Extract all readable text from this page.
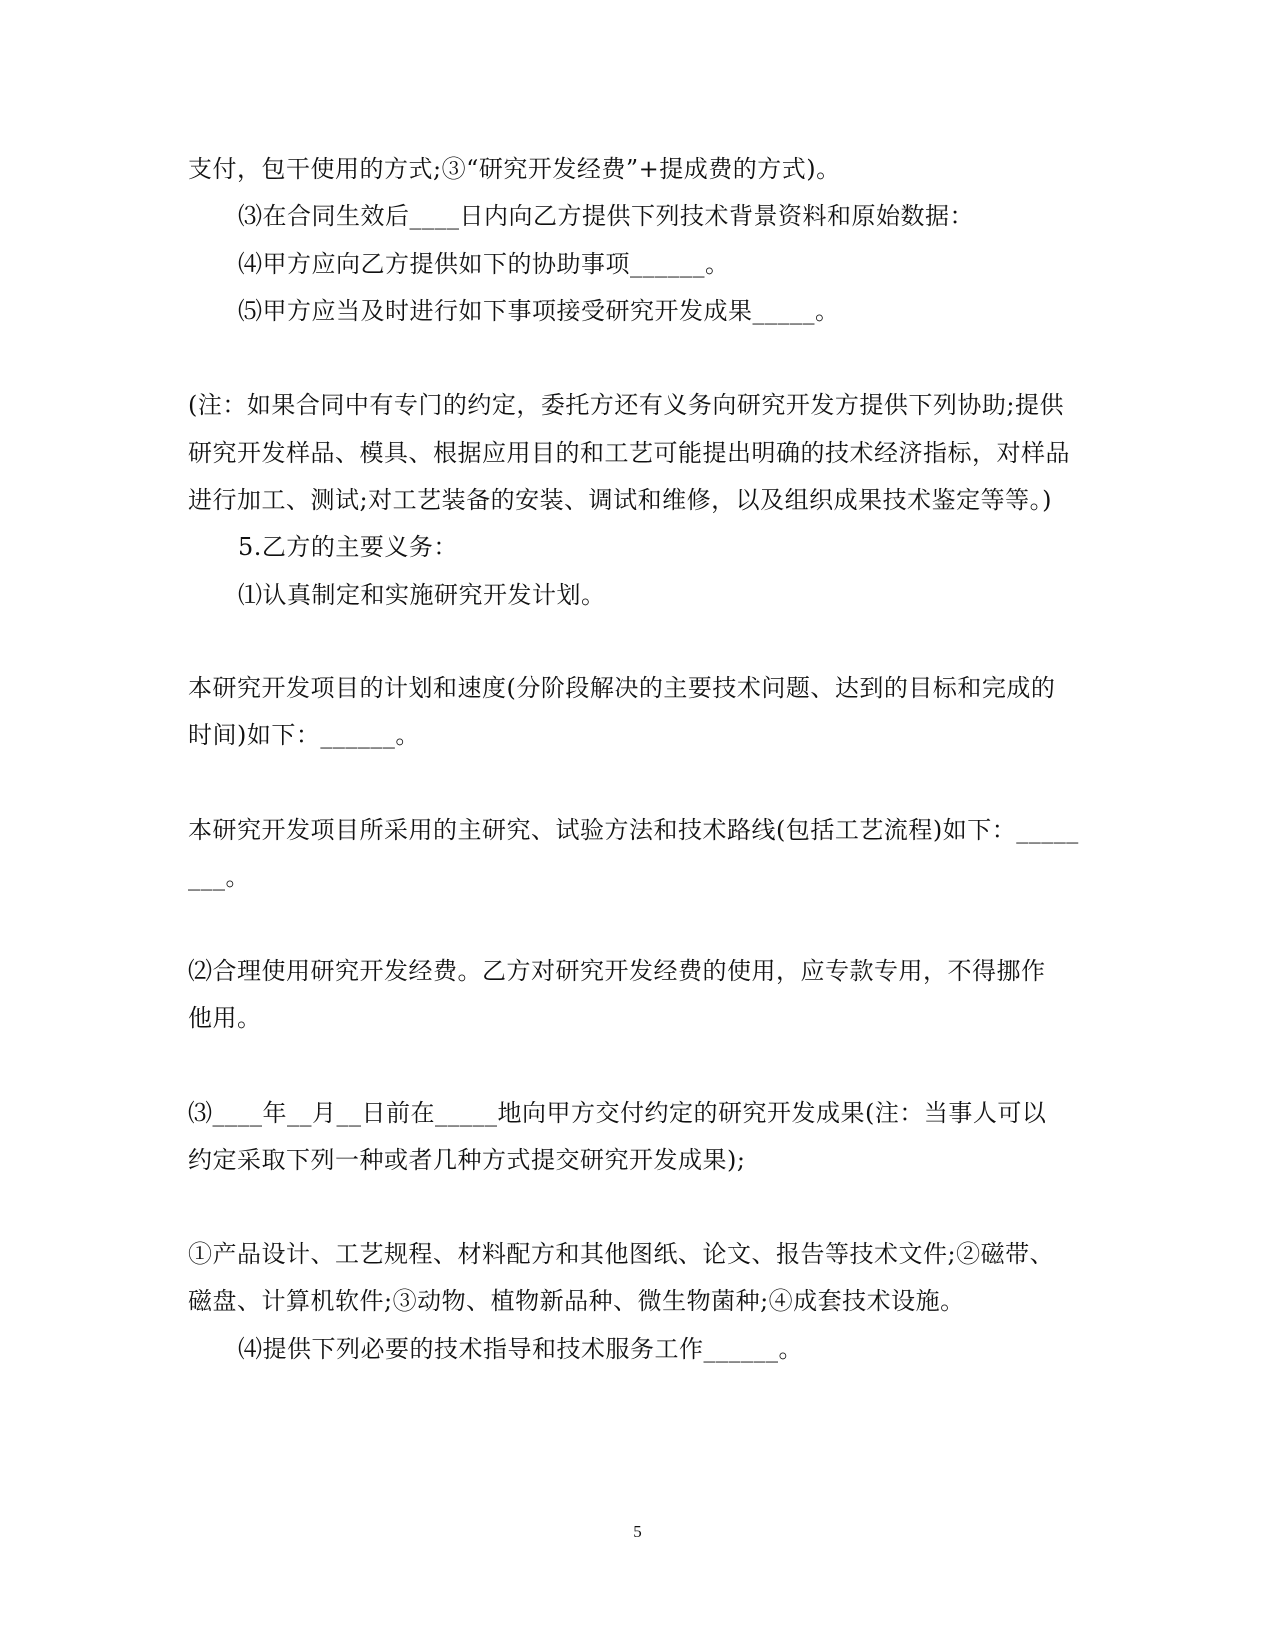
支付，包干使用的方式;③“研究开发经费”+提成费的方式)。
⑶在合同生效后____日内向乙方提供下列技术背景资料和原始数据：
⑷甲方应向乙方提供如下的协助事项______。
⑸甲方应当及时进行如下事项接受研究开发成果_____。
(注：如果合同中有专门的约定，委托方还有义务向研究开发方提供下列协助;提供
研究开发样品、模具、根据应用目的和工艺可能提出明确的技术经济指标，对样品
进行加工、测试;对工艺装备的安装、调试和维修，以及组织成果技术鉴定等等。)
5.乙方的主要义务：
⑴认真制定和实施研究开发计划。
本研究开发项目的计划和速度(分阶段解决的主要技术问题、达到的目标和完成的
时间)如下：______。
本研究开发项目所采用的主研究、试验方法和技术路线(包括工艺流程)如下：_____
___。
⑵合理使用研究开发经费。乙方对研究开发经费的使用，应专款专用，不得挪作
他用。
⑶____年__月__日前在_____地向甲方交付约定的研究开发成果(注：当事人可以
约定采取下列一种或者几种方式提交研究开发成果);
①产品设计、工艺规程、材料配方和其他图纸、论文、报告等技术文件;②磁带、
磁盘、计算机软件;③动物、植物新品种、微生物菌种;④成套技术设施。
⑷提供下列必要的技术指导和技术服务工作______。
5
